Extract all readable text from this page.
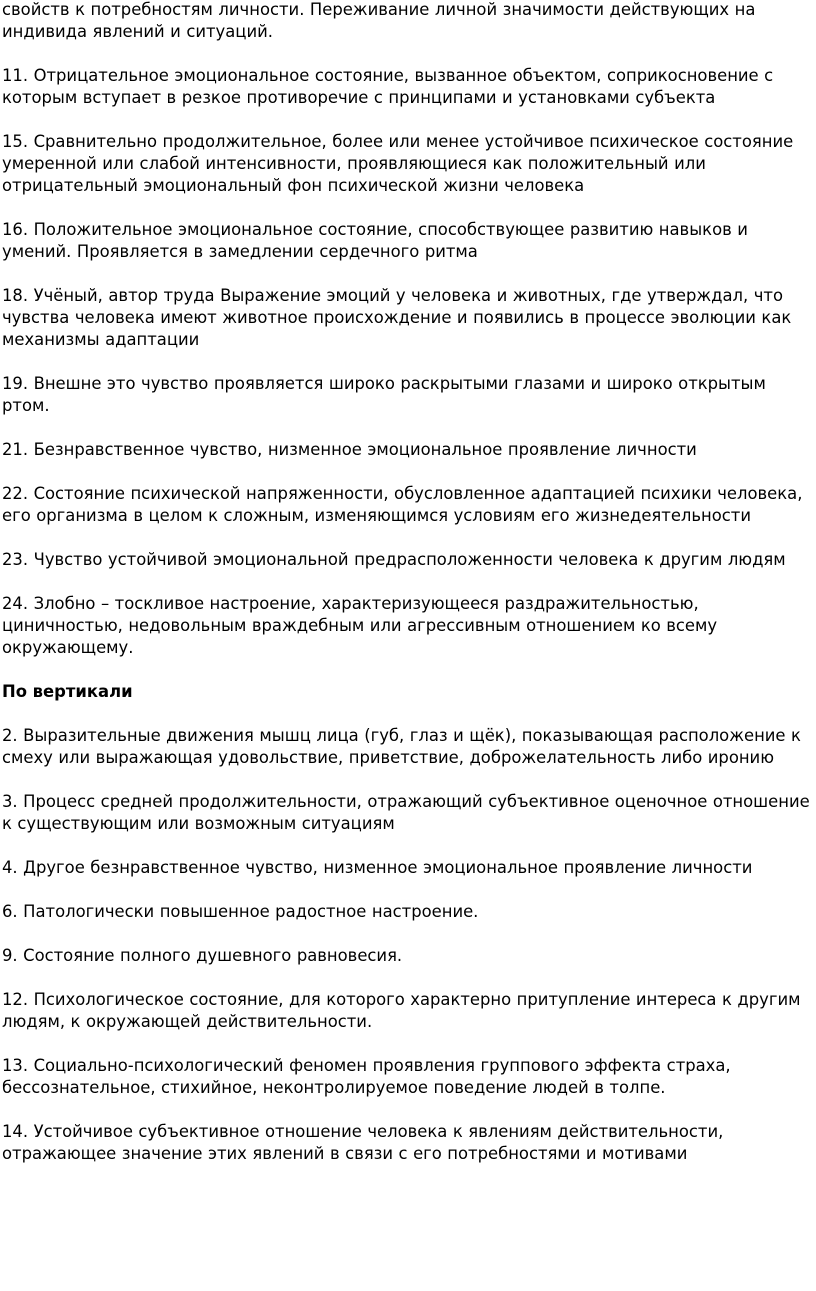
свойств к потребностям личности. Переживание личной значимости действующих на индивида явлений и ситуаций.

11. Отрицательное эмоциональное состояние, вызванное объектом, соприкосновение с которым вступает в резкое противоречие с принципами и установками субъекта

15. Сравнительно продолжительное, более или менее устойчивое психическое состояние умеренной или слабой интенсивности, проявляющиеся как положительный или отрицательный эмоциональный фон психической жизни человека

16. Положительное эмоциональное состояние, способствующее развитию навыков и умений. Проявляется в замедлении сердечного ритма

18. Учёный, автор труда Выражение эмоций у человека и животных, где утверждал, что чувства человека имеют животное происхождение и появились в процессе эволюции как механизмы адаптации

19. Внешне это чувство проявляется широко раскрытыми глазами и широко открытым ртом.

21. Безнравственное чувство, низменное эмоциональное проявление личности

22. Состояние психической напряженности, обусловленное адаптацией психики человека, его организма в целом к сложным, изменяющимся условиям его жизнедеятельности

23. Чувство устойчивой эмоциональной предрасположенности человека к другим людям

24. Злобно – тоскливое настроение, характеризующееся раздражительностью, циничностью, недовольным враждебным или агрессивным отношением ко всему окружающему.

По вертикали

2. Выразительные движения мышц лица (губ, глаз и щёк), показывающая расположение к смеху или выражающая удовольствие, приветствие, доброжелательность либо иронию

3. Процесс средней продолжительности, отражающий субъективное оценочное отношение к существующим или возможным ситуациям

4. Другое безнравственное чувство, низменное эмоциональное проявление личности

6. Патологически повышенное радостное настроение.

9. Состояние полного душевного равновесия.

12. Психологическое состояние, для которого характерно притупление интереса к другим людям, к окружающей действительности.

13. Социально-психологический феномен проявления группового эффекта страха, бессознательное, стихийное, неконтролируемое поведение людей в толпе.

14. Устойчивое субъективное отношение человека к явлениям действительности, отражающее значение этих явлений в связи с его потребностями и мотивами
